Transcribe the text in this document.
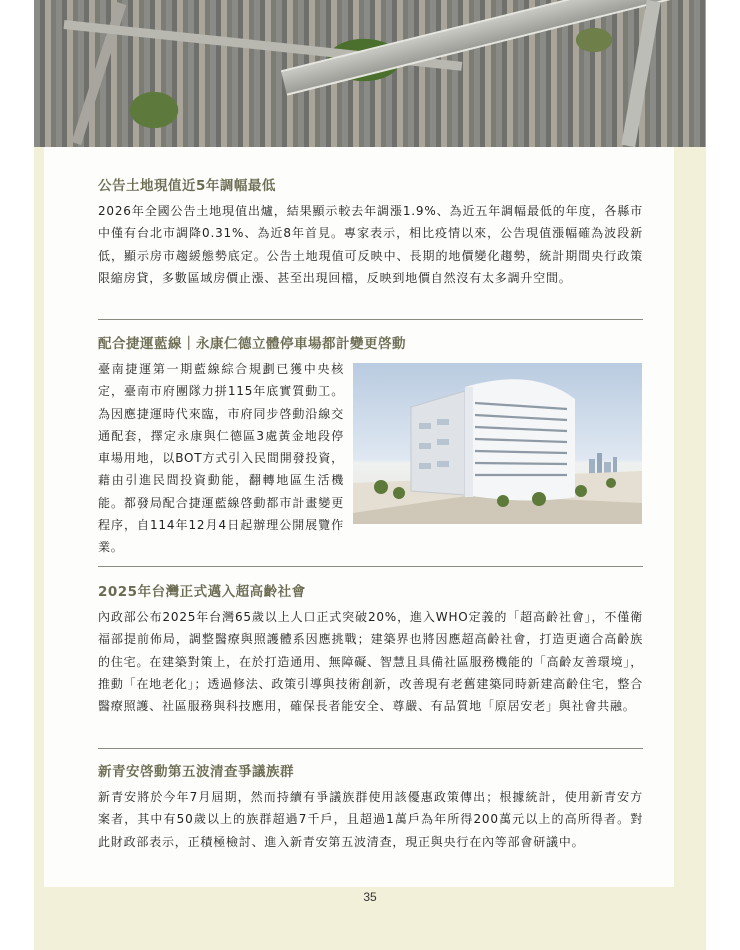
公告土地現值近5年調幅最低
2026年全國公告土地現值出爐，結果顯示較去年調漲1.9%、為近五年調幅最低的年度，各縣市中僅有台北市調降0.31%、為近8年首見。專家表示，相比疫情以來，公告現值漲幅確為波段新低，顯示房市趨緩態勢底定。公告土地現值可反映中、長期的地價變化趨勢，統計期間央行政策限縮房貸，多數區域房價止漲、甚至出現回檔，反映到地價自然沒有太多調升空間。
配合捷運藍線｜永康仁德立體停車場都計變更啓動
臺南捷運第一期藍線綜合規劃已獲中央核定，臺南市府團隊力拼115年底實質動工。為因應捷運時代來臨，市府同步啓動沿線交通配套，擇定永康與仁德區3處黃金地段停車場用地，以BOT方式引入民間開發投資，藉由引進民間投資動能，翻轉地區生活機能。都發局配合捷運藍線啓動都市計畫變更程序，自114年12月4日起辦理公開展覽作業。
2025年台灣正式邁入超高齡社會
內政部公布2025年台灣65歲以上人口正式突破20%，進入WHO定義的「超高齡社會」，不僅衛福部提前佈局，調整醫療與照護體系因應挑戰；建築界也將因應超高齡社會，打造更適合高齡族的住宅。在建築對策上，在於打造通用、無障礙、智慧且具備社區服務機能的「高齡友善環境」，推動「在地老化」；透過修法、政策引導與技術創新，改善現有老舊建築同時新建高齡住宅，整合醫療照護、社區服務與科技應用，確保長者能安全、尊嚴、有品質地「原居安老」與社會共融。
新青安啓動第五波清查爭議族群
新青安將於今年7月屆期，然而持續有爭議族群使用該優惠政策傳出；根據統計，使用新青安方案者，其中有50歲以上的族群超過7千戶，且超過1萬戶為年所得200萬元以上的高所得者。對此財政部表示，正積極檢討、進入新青安第五波清查，現正與央行在內等部會研議中。
35
